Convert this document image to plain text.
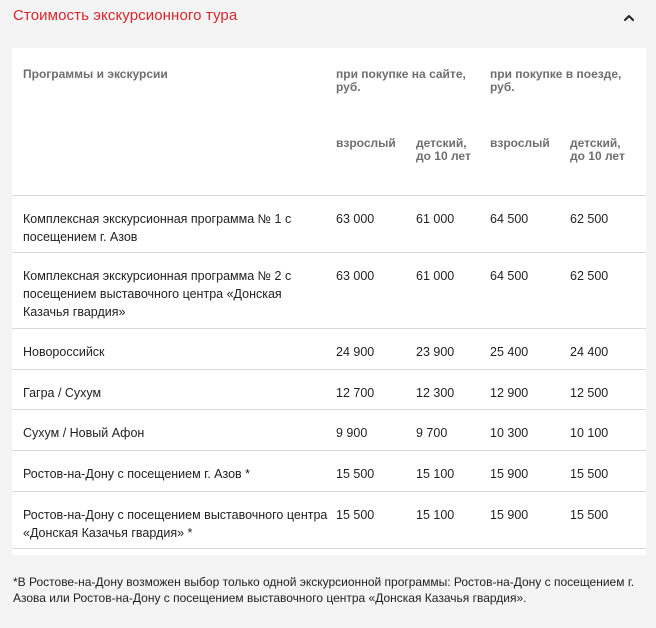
Стоимость экскурсионного тура
Программы и экскурсии	при покупке на сайте, руб.		при покупке в поезде, руб.	
	взрослый	детский, до 10 лет	взрослый	детский, до 10 лет
Комплексная экскурсионная программа № 1 с посещением г. Азов	63 000	61 000	64 500	62 500
Комплексная экскурсионная программа № 2 с посещением выставочного центра «Донская Казачья гвардия»	63 000	61 000	64 500	62 500
Новороссийск	24 900	23 900	25 400	24 400
Гагра / Сухум	12 700	12 300	12 900	12 500
Сухум / Новый Афон	9 900	9 700	10 300	10 100
Ростов-на-Дону с посещением г. Азов *	15 500	15 100	15 900	15 500
Ростов-на-Дону с посещением выставочного центра «Донская Казачья гвардия» *	15 500	15 100	15 900	15 500
*В Ростове-на-Дону возможен выбор только одной экскурсионной программы: Ростов-на-Дону с посещением г. Азова или Ростов-на-Дону с посещением выставочного центра «Донская Казачья гвардия».
